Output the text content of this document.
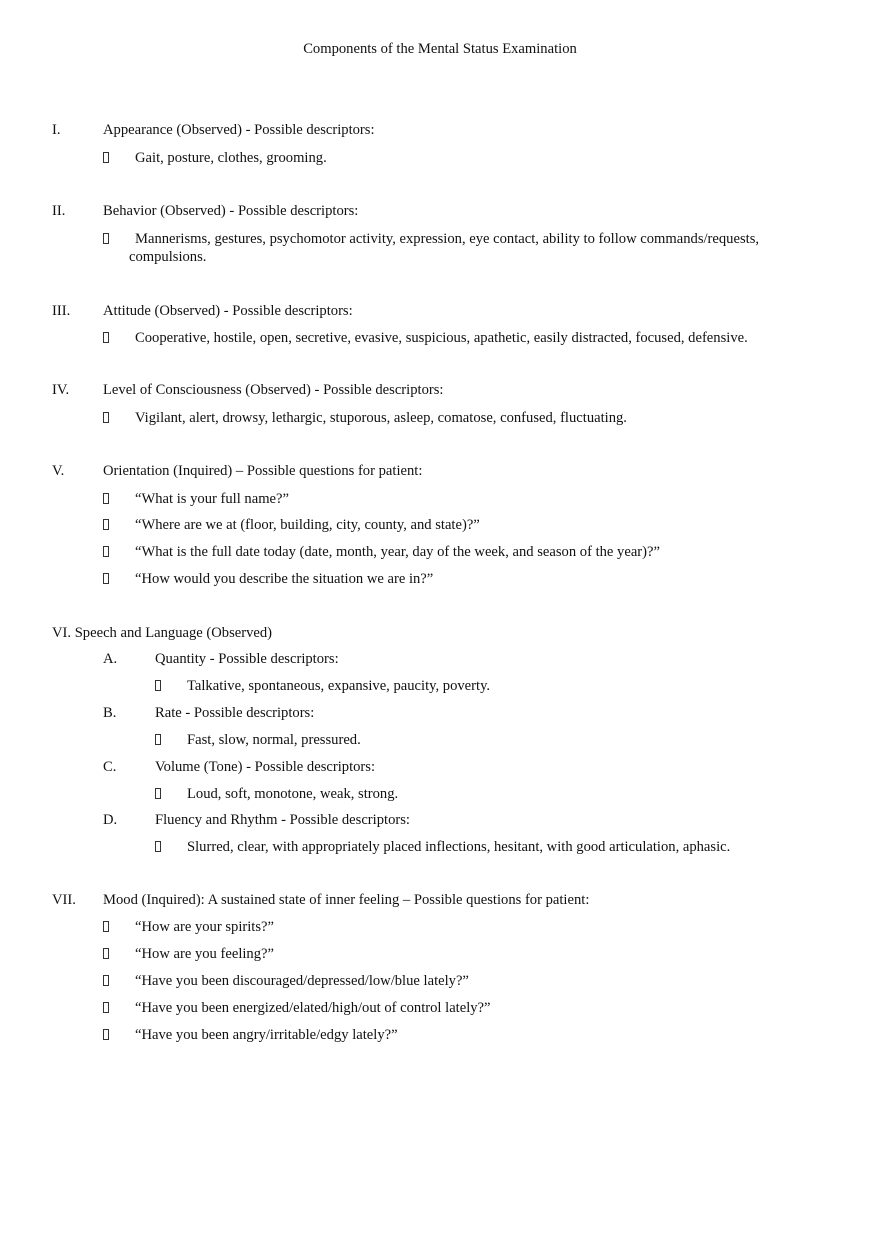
Components of the Mental Status Examination
I.	Appearance (Observed) - Possible descriptors:
Gait, posture, clothes, grooming.
II.	Behavior (Observed) - Possible descriptors:
Mannerisms, gestures, psychomotor activity, expression, eye contact, ability to follow commands/requests,
compulsions.
III. Attitude (Observed) - Possible descriptors:
Cooperative, hostile, open, secretive, evasive, suspicious, apathetic, easily distracted, focused, defensive.
IV. Level of Consciousness (Observed) - Possible descriptors:
Vigilant, alert, drowsy, lethargic, stuporous, asleep, comatose, confused, fluctuating.
V.	Orientation (Inquired) – Possible questions for patient:
“What is your full name?”
“Where are we at (floor, building, city, county, and state)?”
“What is the full date today (date, month, year, day of the week, and season of the year)?”
“How would you describe the situation we are in?”
VI. Speech and Language (Observed)
A.	Quantity - Possible descriptors:
Talkative, spontaneous, expansive, paucity, poverty.
B.	Rate - Possible descriptors:
Fast, slow, normal, pressured.
C.	Volume (Tone) - Possible descriptors:
Loud, soft, monotone, weak, strong.
D.	Fluency and Rhythm - Possible descriptors:
Slurred, clear, with appropriately placed inflections, hesitant, with good articulation, aphasic.
VII. Mood (Inquired): A sustained state of inner feeling – Possible questions for patient:
“How are your spirits?”
“How are you feeling?”
“Have you been discouraged/depressed/low/blue lately?”
“Have you been energized/elated/high/out of control lately?”
“Have you been angry/irritable/edgy lately?”
